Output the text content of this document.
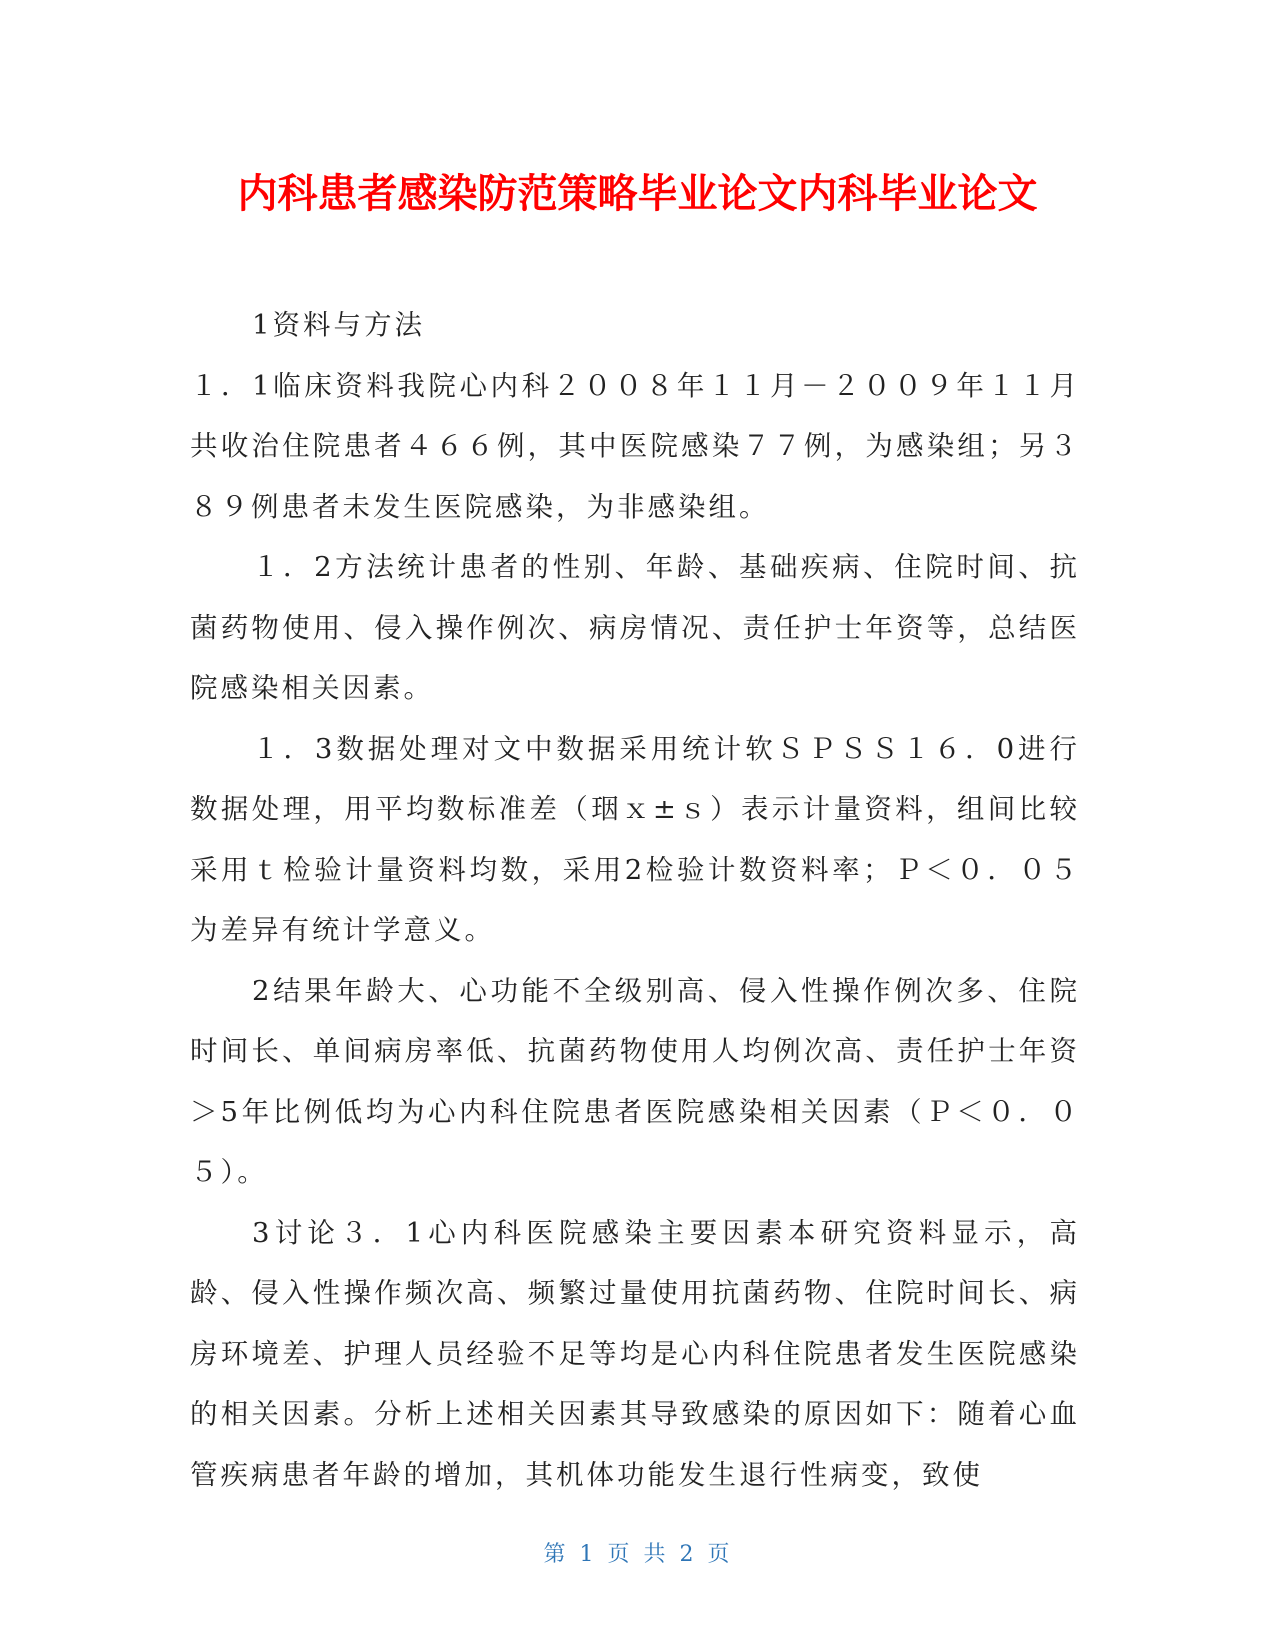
内科患者感染防范策略毕业论文内科毕业论文

1资料与方法

１．1临床资料我院心内科２００８年１１月－２００９年１１月共收治住院患者４６６例，其中医院感染７７例，为感染组；另３８９例患者未发生医院感染，为非感染组。

１．2方法统计患者的性别、年龄、基础疾病、住院时间、抗菌药物使用、侵入操作例次、病房情况、责任护士年资等，总结医院感染相关因素。

１．3数据处理对文中数据采用统计软ＳＰＳＳ１６．0进行数据处理，用平均数标准差（珚ｘ±ｓ）表示计量资料，组间比较采用ｔ检验计量资料均数，采用2检验计数资料率；Ｐ＜０．０５为差异有统计学意义。

2结果年龄大、心功能不全级别高、侵入性操作例次多、住院时间长、单间病房率低、抗菌药物使用人均例次高、责任护士年资＞5年比例低均为心内科住院患者医院感染相关因素（Ｐ＜０．０５）。

3讨论３．1心内科医院感染主要因素本研究资料显示，高龄、侵入性操作频次高、频繁过量使用抗菌药物、住院时间长、病房环境差、护理人员经验不足等均是心内科住院患者发生医院感染的相关因素。分析上述相关因素其导致感染的原因如下：随着心血管疾病患者年龄的增加，其机体功能发生退行性病变，致使

第 1 页 共 2 页
